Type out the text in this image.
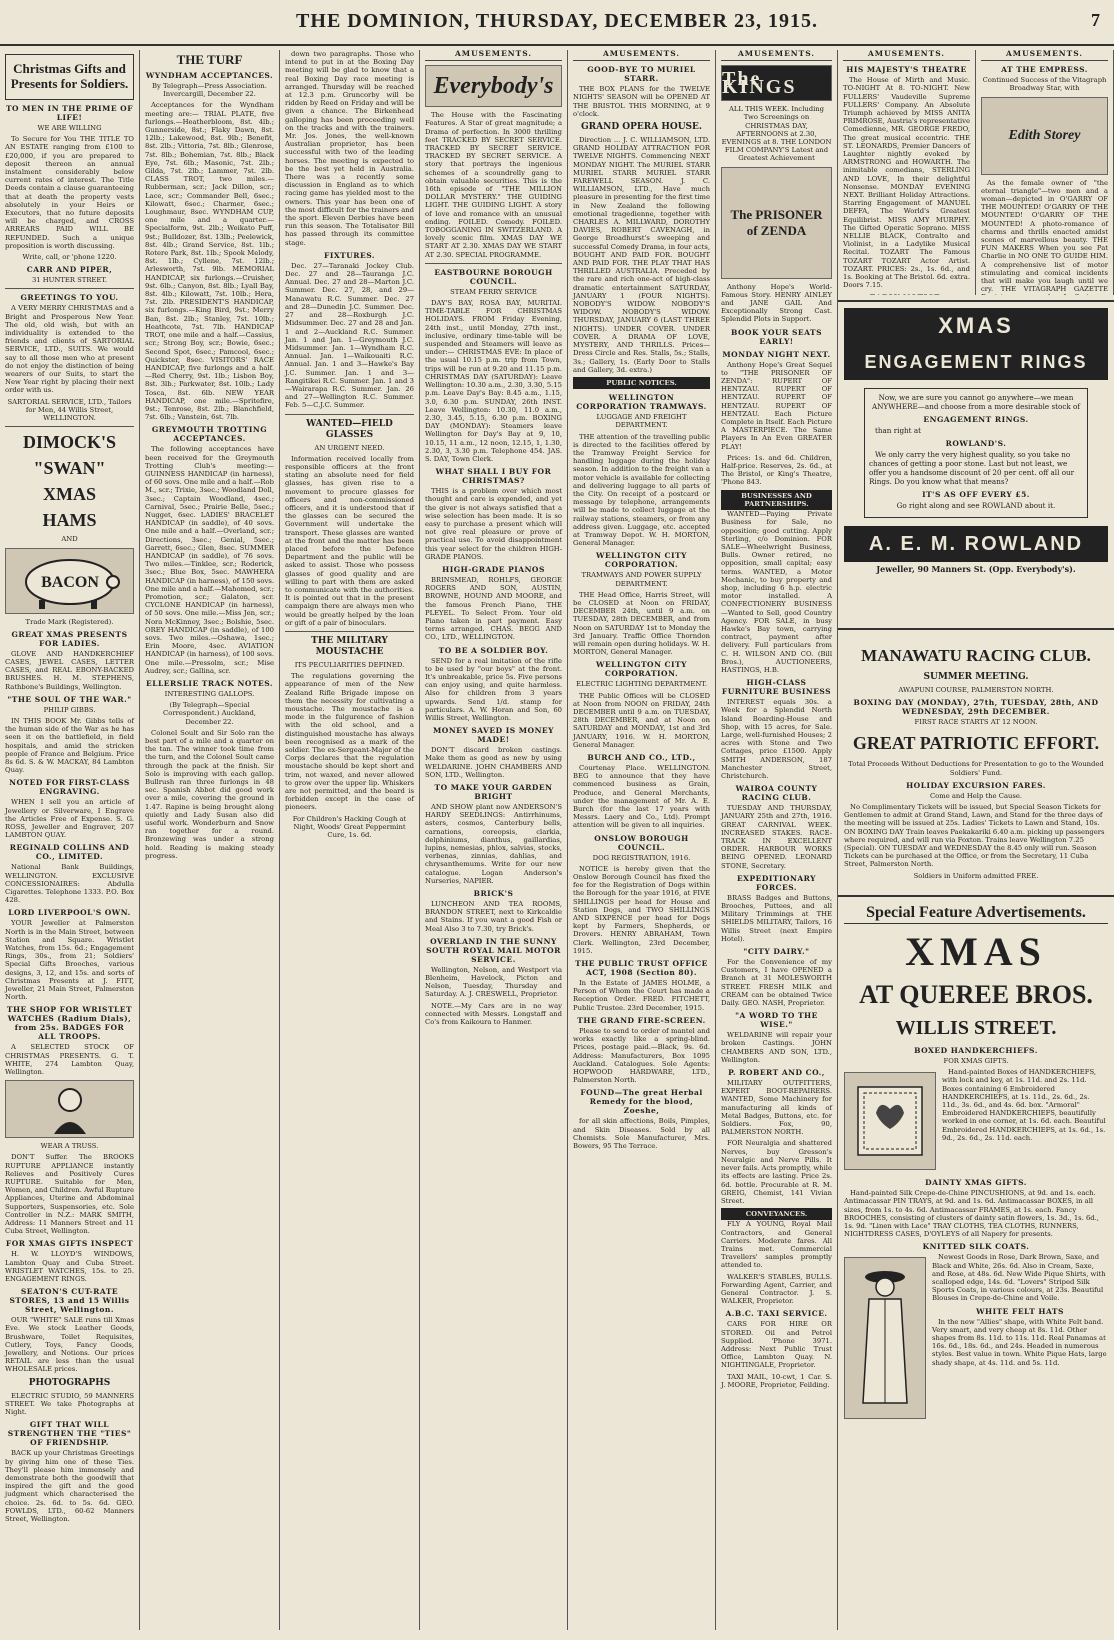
THE DOMINION, THURSDAY, DECEMBER 23, 1915.	7
Christmas Gifts and Presents for Soldiers.
TO MEN IN THE PRIME OF LIFE!

WE ARE WILLING

To Secure for You THE TITLE TO AN ESTATE ranging from £100 to £20,000, if you are prepared to deposit thereon an annual instalment considerably below current rates of interest. The Title Deeds contain a clause guaranteeing that at death the property vests absolutely in your Heirs or Executors, that no future deposits will be charged, and CROSS ARREARS PAID WILL BE REFUNDED. Such a unique proposition is worth discussing.

Write, call, or 'phone 1220.

CARR AND PIPER,

31 HUNTER STREET.

GREETINGS TO YOU.

A VERY MERRY CHRISTMAS and a Bright and Prosperous New Year. The old, old wish, but with an individuality is extended to the friends and clients of SARTORIAL SERVICE, LTD., SUITS. We would say to all those men who at present do not enjoy the distinction of being wearers of our Suits, to start the New Year right by placing their next order with us.

SARTORIAL SERVICE, LTD., Tailors for Men, 44 Willis Street, WELLINGTON.

DIMOCK'S
"SWAN"
XMAS
HAMS

AND

BACON

Trade Mark (Registered).

GREAT XMAS PRESENTS FOR LADIES.

GLOVE AND HANDKERCHIEF CASES, JEWEL CASES, LETTER CASES, and REAL EBONY-BACKED BRUSHES. H. M. STEPHENS, Rathbone's Buildings, Wellington.

"THE SOUL OF THE WAR."

PHILIP GIBBS.

IN THIS BOOK Mr. Gibbs tells of the human side of the War as he has seen it on the battlefield, in field hospitals, and amid the stricken people of France and Belgium. Price 8s 6d. S. & W. MACKAY, 84 Lambton Quay.

NOTED FOR FIRST-CLASS ENGRAVING.

WHEN I sell you an article of Jewellery or Silverware, I Engrave the Articles Free of Expense. S. G. ROSS, Jeweller and Engraver, 207 LAMBTON QUAY.

REGINALD COLLINS AND CO., LIMITED.

National Bank Buildings, WELLINGTON. EXCLUSIVE CONCESSIONAIRES: Abdulla Cigarettes. Telephone 1333. P.O. Box 428.

LORD LIVERPOOL'S OWN.

YOUR Jeweller at Palmerston North is in the Main Street, between Station and Square. Wristlet Watches, from 15s. 6d.; Engagement Rings, 30s., from 21; Soldiers' Special Gifts Brooches, various designs, 3, 12, and 15s. and sorts of Christmas Presents at J. FITT, Jeweller, 21 Main Street, Palmerston North.

THE SHOP FOR WRISTLET WATCHES (Radium Dials), from 25s. BADGES FOR ALL TROOPS.

A SELECTED STOCK OF CHRISTMAS PRESENTS. G. T. WHITE, 274 Lambton Quay, Wellington.

WEAR A TRUSS.

DON'T Suffer. The BROOKS RUPTURE APPLIANCE instantly Relieves and Positively Cures RUPTURE. Suitable for Men, Women, and Children. Awful Rupture Appliances, Uterine and Abdominal Supporters, Suspensories, etc. Sole Controller in N.Z.: MARK SMITH, Address: 11 Manners Street and 11 Cuba Street, Wellington.

FOR XMAS GIFTS INSPECT

H. W. LLOYD'S WINDOWS, Lambton Quay and Cuba Street. WRISTLET WATCHES, 15s. to 25. ENGAGEMENT RINGS.

SEATON'S CUT-RATE STORES, 13 and 15 Willis Street, Wellington.

OUR "WHITE" SALE runs till Xmas Eve. We stock Leather Goods, Brushware, Toilet Requisites, Cutlery, Toys, Fancy Goods, Jewellery, and Notions. Our prices RETAIL are less than the usual WHOLESALE prices.

PHOTOGRAPHS

ELECTRIC STUDIO, 59 MANNERS STREET. We take Photographs at Night.

GIFT THAT WILL STRENGTHEN THE "TIES" OF FRIENDSHIP.

BACK up your Christmas Greetings by giving him one of these Ties. They'll please him immensely and demonstrate both the goodwill that inspired the gift and the good judgment which characterised the choice. 2s. 6d. to 5s. 6d. GEO. FOWLDS, LTD., 60-62 Manners Street, Wellington.

THE TURF
WYNDHAM ACCEPTANCES.

By Telegraph—Press Association. Invercargill, December 22.

Acceptances for the Wyndham meeting are:— TRIAL PLATE, five furlongs.—Heatherbloom, 8st. 4lb.; Gunnerside, 8st.; Flaky Dawn, 8st. 12lb.; Lakewood, 8st. 9lb.; Benefit, 8st. 2lb.; Vittoria, 7st. 8lb.; Glenrose, 7st. 8lb.; Bohemian, 7st. 8lb.; Black Eye, 7st. 6lb.; Masonic, 7st. 2lb.; Gilda, 7st. 2lb.; Lammer, 7st. 2lb. CLASS TROT, two miles.—Rubberman, scr.; Jack Dillon, scr.; Lace, scr.; Commander Bell, 6sec.; Kilowatt, 6sec.; Charmer, 6sec.; Loughmaur, 8sec. WYNDHAM CUP, one mile and a quarter.—Specialform, 9st. 2lb.; Weikato Puff, 9st.; Bulldozer, 8st. 13lb.; Peelewick, 8st. 4lb.; Grand Service, 8st. 1lb.; Rotere Park, 8st. 1lb.; Spook Melody, 8st. 1lb.; Cyllene, 7st. 12lb.; Arlesworth, 7st. 9lb. MEMORIAL HANDICAP, six furlongs.—Cruisher, 9st. 6lb.; Canyon, 8st. 8lb.; Lyall Bay, 8st. 4lb.; Kilowatt, 7st. 10lb.; Hera, 7st. 2lb. PRESIDENT'S HANDICAP, six furlongs.—King Bird, 9st.; Merry Ban, 8st. 2lb.; Stanley, 7st. 10lb.; Heathcote, 7st. 7lb. HANDICAP TROT, one mile and a half.—Cassius, scr.; Strong Boy, scr.; Bowie, 6sec.; Second Spot, 6sec.; Pamcool, 6sec.; Quickster, 8sec. VISITORS' RACE HANDICAP, five furlongs and a half.—Red Cherry, 9st. 1lb.; Lisbon Boy, 8st. 3lb.; Parkwater, 8st. 10lb.; Lady Tosca, 8st. 6lb. NEW YEAR HANDICAP, one mile.—Spritefire, 9st.; Tenrose, 8st. 2lb.; Blanchfield, 7st. 6lb.; Vanstein, 6st. 7lb.

GREYMOUTH TROTTING ACCEPTANCES.

The following acceptances have been received for the Greymouth Trotting Club's meeting:— GUINNESS HANDICAP (in harness), of 60 sovs. One mile and a half.—Rob M., scr.; Trixie, 3sec.; Woodland Doll, 3sec.; Captain Woodland, 4sec.; Carnival, 5sec.; Prairie Belle, 5sec.; Nugget, 6sec. LADIES' BRACELET HANDICAP (in saddle), of 40 sovs. One mile and a half.—Overland, scr.; Directions, 3sec.; Genial, 5sec.; Garrett, 6sec.; Glen, 8sec. SUMMER HANDICAP (in saddle), of 76 sovs. Two miles.—Tinklee, scr.; Roderick, 3sec.; Blue Box, 5sec. MAWHERA HANDICAP (in harness), of 150 sovs. One mile and a half.—Mahomed, scr.; Promotion, scr.; Galaton, scr. CYCLONE HANDICAP (in harness), of 50 sovs. One mile.—Miss Jen, scr.; Nora McKinney, 3sec.; Bolshie, 5sec. OREY HANDICAP (in saddle), of 100 sovs. Two miles.—Oshawa, 1sec.; Erin Moore, 4sec. AVIATION HANDICAP (in harness), of 100 sovs. One mile.—Pressolm, scr.; Mise Audrey, scr.; Gallina, scr.

ELLERSLIE TRACK NOTES.

INTERESTING GALLOPS.

(By Telegraph—Special Correspondent.) Auckland, December 22.

Colonel Soult and Sir Solo ran the best part of a mile and a quarter on the tan. The winner took time from the turn, and the Colonel Soult came through the pack at the finish. Sir Solo is improving with each gallop. Bullrush ran three furlongs in 48 sec. Spanish Abbot did good work over a mile, covering the ground in 1.47. Rapine is being brought along quietly and Lady Susan also did useful work. Wonderburn and Snow ran together for a round. Bronzewing was under a strong hold. Reading is making steady progress.

down two paragraphs. Those who intend to put in at the Boxing Day meeting will be glad to know that a real Boxing Day race meeting is arranged. Thursday will be reached at 12.3 p.m. Gruncorby will be ridden by Reed on Friday and will be given a chance. The Birkenhead galloping has been proceeding well on the tracks and with the trainers. Mr. Jos. Jones, the well-known Australian proprietor, has been successful with two of the leading horses. The meeting is expected to be the best yet held in Australia. There was a recently some discussion in England as to which racing game has yielded most to the owners. This year has been one of the most difficult for the trainers and the sport. Eleven Derbies have been run this season. The Totalisator Bill has passed through its committee stage.

FIXTURES.

Dec. 27—Taranaki Jockey Club. Dec. 27 and 28—Tauranga J.C. Annual. Dec. 27 and 28—Marton J.C. Summer. Dec. 27, 28, and 29—Manawatu R.C. Summer. Dec. 27 and 28—Dunedin J.C. Summer. Dec. 27 and 28—Roxburgh J.C. Midsummer. Dec. 27 and 28 and Jan. 1 and 2—Auckland R.C. Summer. Jan. 1 and Jan. 1—Greymouth J.C. Midsummer. Jan. 1—Wyndham R.C. Annual. Jan. 1—Waikouaiti R.C. Annual. Jan. 1 and 3—Hawke's Bay J.C. Summer. Jan. 1 and 3—Rangitikei R.C. Summer. Jan. 1 and 3—Wairarapa R.C. Summer. Jan. 26 and 27—Wellington R.C. Summer. Feb. 5—C.J.C. Summer.

WANTED—FIELD GLASSES

AN URGENT NEED.

Information received locally from responsible officers at the front stating an absolute need for field glasses, has given rise to a movement to procure glasses for officers and non-commissioned officers, and it is understood that if the glasses can be secured the Government will undertake the transport. These glasses are wanted at the front and the matter has been placed before the Defence Department and the public will be asked to assist. Those who possess glasses of good quality and are willing to part with them are asked to communicate with the authorities. It is pointed out that in the present campaign there are always men who would be greatly helped by the loan or gift of a pair of binoculars.

THE MILITARY MOUSTACHE

ITS PECULIARITIES DEFINED.

The regulations governing the appearance of men of the New Zealand Rifle Brigade impose on them the necessity for cultivating a moustache. The moustache is a mode in the fulgurence of fashion with the old school, and a distinguished moustache has always been recognised as a mark of the soldier. The ex-Sergeant-Major of the Corps declares that the regulation moustache should be kept short and trim, not waxed, and never allowed to grow over the upper lip. Whiskers are not permitted, and the beard is forbidden except in the case of pioneers.

For Children's Hacking Cough at Night, Woods' Great Peppermint Cure, 1s. 6d.

AMUSEMENTS.
Everybody's

The House with the Fascinating Features. A Star of great magnitude; a Drama of perfection. In 3000 thrilling feet TRACKED BY SECRET SERVICE. TRACKED BY SECRET SERVICE. TRACKED BY SECRET SERVICE. A story that portrays the ingenious schemes of a scoundrelly gang to obtain valuable securities. This is the 16th episode of "THE MILLION DOLLAR MYSTERY." THE GUIDING LIGHT. THE GUIDING LIGHT. A story of love and romance with an unusual ending. FOILED. Comedy. FOILED. TOBOGGANING IN SWITZERLAND. A lovely scenic film. XMAS DAY WE START AT 2.30. XMAS DAY WE START AT 2.30. SPECIAL PROGRAMME.

EASTBOURNE BOROUGH COUNCIL.

STEAM FERRY SERVICE

DAY'S BAY, ROSA BAY, MURITAI. TIME-TABLE FOR CHRISTMAS HOLIDAYS. FROM Friday Evening, 24th inst., until Monday, 27th inst., inclusive, ordinary time-table will be suspended and Steamers will leave as under:— CHRISTMAS EVE: In place of the usual 10.15 p.m. trip from Town, trips will be run at 9.20 and 11.15 p.m. CHRISTMAS DAY (SATURDAY): Leave Wellington: 10.30 a.m., 2.30, 3.30, 5.15 p.m. Leave Day's Bay: 8.45 a.m., 1.15, 3.0, 6.30 p.m. SUNDAY, 26th INST. Leave Wellington: 10.30, 11.0 a.m., 2.30, 3.45, 5.15, 6.30 p.m. BOXING DAY (MONDAY): Steamers leave Wellington for Day's Bay at 9, 10, 10.15, 11 a.m., 12 noon, 12.15, 1, 1.30, 2.30, 3, 3.30 p.m. Telephone 454. JAS. S. DAY, Town Clerk.

WHAT SHALL I BUY FOR CHRISTMAS?

THIS is a problem over which most thought and care is expended, and yet the giver is not always satisfied that a wise selection has been made. It is so easy to purchase a present which will not give real pleasure or prove of practical use. To avoid disappointment this year select for the children HIGH-GRADE PIANOS.

HIGH-GRADE PIANOS

BRINSMEAD, ROHLFS, GEORGE ROGERS AND SON, AUSTIN, BROWNE, HOUND AND MOORE, and the famous French Piano, THE PLEYEL. To Select From. Your old Piano taken in part payment. Easy terms arranged. CHAS. BEGG AND CO., LTD., WELLINGTON.

TO BE A SOLDIER BOY.

SEND for a real imitation of the rifle to be used by "our boys" at the front. It's unbreakable, price 5s. Five persons can enjoy using, and quite harmless. Also for children from 3 years upwards. Send 1/d. stamp for particulars. A. W. Horan and Son, 60 Willis Street, Wellington.

MONEY SAVED IS MONEY MADE!

DON'T discard broken castings. Make them as good as new by using WELDARINE. JOHN CHAMBERS AND SON, LTD., Wellington.

TO MAKE YOUR GARDEN BRIGHT

AND SHOW plant now ANDERSON'S HARDY SEEDLINGS: Antirrhinums, asters, cosmos, Canterbury bells, carnations, coreopsis, clarkia, delphiniums, dianthus, gaillardias, lupins, nemesias, phlox, salvias, stocks, verbenas, zinnias, dahlias, and chrysanthemums. Write for our new catalogue. Logan Anderson's Nurseries, NAPIER.

BRICK'S

LUNCHEON AND TEA ROOMS, BRANDON STREET, next to Kirkcaldie and Stains. If you want a good Fish or Meal Also 3 to 7.30, try Brick's.

OVERLAND IN THE SUNNY SOUTH ROYAL MAIL MOTOR SERVICE.

Wellington, Nelson, and Westport via Blenheim, Havelock, Picton and Nelson, Tuesday, Thursday and Saturday. A. J. CRESWELL, Proprietor.

NOTE.—My Cars are in no way connected with Messrs. Longstaff and Co's from Kaikoura to Hanmer.

AMUSEMENTS.
GOOD-BYE TO MURIEL STARR.

THE BOX PLANS for the TWELVE NIGHTS' SEASON will be OPENED AT THE BRISTOL THIS MORNING, at 9 o'clock.

GRAND OPERA HOUSE.

Direction ... J. C. WILLIAMSON, LTD. GRAND HOLIDAY ATTRACTION FOR TWELVE NIGHTS. Commencing NEXT MONDAY NIGHT. The MURIEL STARR MURIEL STARR MURIEL STARR FAREWELL SEASON. J. C. WILLIAMSON, LTD., Have much pleasure in presenting for the first time in New Zealand the following emotional tragedienne, together with CHARLES A. MILLWARD, DOROTHY DAVIES, ROBERT CAVENAGH, in George Broadhurst's sweeping and successful Comedy Drama, in four acts, BOUGHT AND PAID FOR. BOUGHT AND PAID FOR. THE PLAY THAT HAS THRILLED AUSTRALIA. Preceded by the rare and rich one-act of high-class dramatic entertainment SATURDAY, JANUARY 1 (FOUR NIGHTS). NOBODY'S WIDOW. NOBODY'S WIDOW. NOBODY'S WIDOW. THURSDAY, JANUARY 6 (LAST THREE NIGHTS). UNDER COVER. UNDER COVER. A DRAMA OF LOVE, MYSTERY, AND THRILLS. Prices—Dress Circle and Res. Stalls, 5s.; Stalls, 3s.; Gallery, 1s. (Early Door to Stalls and Gallery, 3d. extra.)

PUBLIC NOTICES.
WELLINGTON CORPORATION TRAMWAYS.

LUGGAGE AND FREIGHT DEPARTMENT.

THE attention of the travelling public is directed to the facilities offered by the Tramway Freight Service for handling luggage during the holiday season. In addition to the freight van a motor vehicle is available for collecting and delivering luggage to all parts of the City. On receipt of a postcard or message by telephone, arrangements will be made to collect luggage at the railway stations, steamers, or from any address given. Luggage, etc. accepted at Tramway Depot. W. H. MORTON, General Manager.

WELLINGTON CITY CORPORATION.

TRAMWAYS AND POWER SUPPLY DEPARTMENT.

THE Head Office, Harris Street, will be CLOSED at Noon on FRIDAY, DECEMBER 24th, until 9 a.m. on TUESDAY, 28th DECEMBER, and from Noon on SATURDAY 1st to Monday the 3rd January. Traffic Office Thorndon will remain open during holidays. W. H. MORTON, General Manager.

WELLINGTON CITY CORPORATION.

ELECTRIC LIGHTING DEPARTMENT.

THE Public Offices will be CLOSED at Noon from NOON on FRIDAY, 24th DECEMBER until 9 a.m. on TUESDAY, 28th DECEMBER, and at Noon on SATURDAY and MONDAY, 1st and 3rd JANUARY, 1916. W. H. MORTON, General Manager.

BURCH AND CO., LTD.,

Courtenay Place. WELLINGTON. BEG to announce that they have commenced business as Grain, Produce, and General Merchants, under the management of Mr. A. E. Burch (for the last 17 years with Messrs. Laery and Co., Ltd). Prompt attention will be given to all inquiries.

ONSLOW BOROUGH COUNCIL.

DOG REGISTRATION, 1916.

NOTICE is hereby given that the Onslow Borough Council has fixed the fee for the Registration of Dogs within the Borough for the year 1916, at FIVE SHILLINGS per head for House and Station Dogs, and TWO SHILLINGS AND SIXPENCE per head for Dogs kept by Farmers, Shepherds, or Drovers. HENRY ABRAHAM, Town Clerk. Wellington, 23rd December, 1915.

THE PUBLIC TRUST OFFICE ACT, 1908 (Section 80).

In the Estate of JAMES HOLME, a Person of Whom the Court has made a Reception Order. FRED. FITCHETT, Public Trustee. 23rd December, 1915.

THE GRAND FIRE-SCREEN.

Please to send to order of mantel and works exactly like a spring-blind. Prices, postage paid.—Black, 9s. 6d. Address: Manufacturers, Box 1095 Auckland. Catalogues. Sole Agents: HOPWOOD HARDWARE, LTD., Palmerston North.

FOUND—The great Herbal Remedy for the blood, Zoeshe,

for all skin affections, Boils, Pimples, and Skin Diseases. Sold by all Chemists. Sole Manufacturer, Mrs. Bowers, 95 The Terrace.

AMUSEMENTS.
The KINGS

ALL THIS WEEK. Including Two Screenings on CHRISTMAS DAY, AFTERNOONS at 2.30, EVENINGS at 8. THE LONDON FILM COMPANY'S Latest and Greatest Achievement

The PRISONER of ZENDA

Anthony Hope's World-Famous Story. HENRY AINLEY and JANE GAIL And Exceptionally Strong Cast. Splendid Plots in Support.

BOOK YOUR SEATS EARLY!
MONDAY NIGHT NEXT.

Anthony Hope's Great Sequel to "THE PRISONER OF ZENDA": RUPERT OF HENTZAU. RUPERT OF HENTZAU. RUPERT OF HENTZAU. RUPERT OF HENTZAU. Each Picture Complete in Itself. Each Picture A MASTERPIECE. The Same Players In An Even GREATER PLAY!

Prices: 1s. and 6d. Children, Half-price. Reserves, 2s. 6d., at The Bristol, or King's Theatre, 'Phone 843.

BUSINESSES AND PARTNERSHIPS.

WANTED—Paying Private Business for Sale, no opposition; good cutting. Apply Sterling, c/o Dominion. FOR SALE—Wheelwright Business, Bulls. Owner retired, no opposition, small capital; easy terms. WANTED, a Motor Mechanic, to buy property and shop, including 6 h.p. electric motor installed. A CONFECTIONERY BUSINESS—Wanted to Sell, good Country Agency. FOR SALE, in busy Hawke's Bay town, carrying contract, payment after delivery. Full particulars from C. H. WILSON AND CO. (Bill Bros.), AUCTIONEERS, HASTINGS, H.B.

HIGH-CLASS FURNITURE BUSINESS

INTEREST equals 30s. a Week for a Splendid North Island Boarding-House and Shop, with 15 acres, for Sale. Large, well-furnished Houses; 2 acres with Stone and Two Cottages, price £1500. Apply SMITH ANDERSON, 187 Manchester Street, Christchurch.

WAIROA COUNTY RACING CLUB.

TUESDAY AND THURSDAY, JANUARY 25th and 27th, 1916. GREAT CARNIVAL WEEK. INCREASED STAKES. RACE-TRACK IN EXCELLENT ORDER. HARBOUR WORKS BEING OPENED. LEONARD STONE, Secretary.

EXPEDITIONARY FORCES.

BRASS Badges and Buttons, Brooches, Puttees, and all Military Trimmings at THE SHIELDS MILITARY, Tailors, 16 Willis Street (next Empire Hotel).

"CITY DAIRY."

For the Convenience of my Customers, I have OPENED a Branch at 31 MOLESWORTH STREET. FRESH MILK and CREAM can be obtained Twice Daily. GEO. NASH, Proprietor.

"A WORD TO THE WISE."

WELDARINE will repair your broken Castings. JOHN CHAMBERS AND SON, LTD., Wellington.

P. ROBERT AND CO.,

MILITARY OUTFITTERS, EXPERT BOOT-REPAIRERS. WANTED, Some Machinery for manufacturing all kinds of Metal Badges, Buttons, etc. for Soldiers. Fox, 90, PALMERSTON NORTH.

FOR Neuralgia and shattered Nerves, buy Gresson's Neuralgic and Nerve Pills. It never fails. Acts promptly, while its effects are lasting. Price 2s. 6d. bottle. Procurable at R. M. GREIG, Chemist, 141 Vivian Street.

CONVEYANCES.

FLY A YOUNG, Royal Mail Contractors, and General Carriers. Moderate fares. All Trains met. Commercial Travellers' samples promptly attended to.

WALKER'S STABLES, BULLS. Forwarding Agent, Carrier, and General Contractor. J. S. WALKER, Proprietor.

A.B.C. TAXI SERVICE.

CARS FOR HIRE OR STORED. Oil and Petrol Supplied. 'Phone 3971. Address: Next Public Trust Office, Lambton Quay. N. NIGHTINGALE, Proprietor.

TAXI MAIL, 10-cwt, 1 Car. S. J. MOORE, Proprietor, Feilding.

AMUSEMENTS.
HIS MAJESTY'S THEATRE

The House of Mirth and Music. TO-NIGHT At 8. TO-NIGHT. New FULLERS' Vaudeville Supreme FULLERS' Company. An Absolute Triumph achieved by MISS ANITA PRIMROSE, Austria's representative Comedienne, MR. GEORGE FREDO, The great musical eccentric. THE ST. LEONARDS, Premier Dancers of Laughter nightly evoked by ARMSTRONG and HOWARTH. The inimitable comedians, STERLING AND LOVE, In their delightful Nonsense. MONDAY EVENING NEXT. Brilliant Holiday Attractions. Starring Engagement of MANUEL DEFFA, The World's Greatest Equilibrist. MISS AMY MURPHY. The Gifted Operatic Soprano. MISS NELLIE BLACK, Contralto and Violinist, in a Ladylike Musical Recital. TOZART The Famous TOZART TOZART Actor Artist. TOZART. PRICES: 2s., 1s. 6d., and 1s. Booking at The Bristol. 6d. extra. Doors 7.15.

AMUSEMENTS.
AT THE EMPRESS.

Continued Success of the Vitagraph Broadway Star, with

Edith Storey

As the female owner of "the eternal triangle"—two men and a woman—depicted in O'GARRY OF THE MOUNTED! O'GARRY OF THE MOUNTED! O'GARRY OF THE MOUNTED! A photo-romance of charms and thrills enacted amidst scenes of marvellous beauty. THE FUN MAKERS When you see Pat Charlie in NO ONE TO GUIDE HIM. A comprehensive list of motor stimulating and comical incidents that will make you laugh until we cry. THE VITAGRAPH GAZETTE

XMAS
ENGAGEMENT RINGS

Now, we are sure you cannot go anywhere—we mean ANYWHERE—and choose from a more desirable stock of

ENGAGEMENT RINGS.

than right at

ROWLAND'S.

We only carry the very highest quality, so you take no chances of getting a poor stone. Last but not least, we offer you a handsome discount of 20 per cent. off all our Rings. Do you know what that means?

IT'S AS OFF EVERY £5.

Go right along and see ROWLAND about it.

A. E. M. ROWLAND

Jeweller, 90 Manners St. (Opp. Everybody's).

MANAWATU RACING CLUB.
SUMMER MEETING.

AWAPUNI COURSE, PALMERSTON NORTH.

BOXING DAY (MONDAY), 27th, TUESDAY, 28th, AND WEDNESDAY, 29th DECEMBER.

FIRST RACE STARTS AT 12 NOON.

GREAT PATRIOTIC EFFORT.

Total Proceeds Without Deductions for Presentation to go to the Wounded Soldiers' Fund.

HOLIDAY EXCURSION FARES.

Come and Help the Cause.

No Complimentary Tickets will be issued, but Special Season Tickets for Gentlemen to admit at Grand Stand, Lawn, and Stand for the three days of the meeting will be issued at 25s. Ladies' Tickets to Lawn and Stand, 10s. ON BOXING DAY Train leaves Paekakariki 6.40 a.m. picking up passengers where required, and will run via Foxton. Trains leave Wellington 7.25 (Special). ON TUESDAY and WEDNESDAY the 8.45 only will run. Season Tickets can be purchased at the Office, or from the Secretary, 11 Cuba Street, Palmerston North.

Soldiers in Uniform admitted FREE.

Special Feature Advertisements.
XMAS
AT QUEREE BROS.
WILLIS STREET.
BOXED HANDKERCHIEFS.

FOR XMAS GIFTS.

Hand-painted Boxes of HANDKERCHIEFS, with lock and key, at 1s. 11d. and 2s. 11d. Boxes containing 6 Embroidered HANDKERCHIEFS, at 1s. 11d., 2s. 6d., 2s. 11d., 3s. 6d., and 4s. 6d. box. "Armoral" Embroidered HANDKERCHIEFS, beautifully worked in one corner, at 1s. 6d. each. Beautiful Embroidered HANDKERCHIEFS, at 1s. 6d., 1s. 9d., 2s. 6d., 2s. 11d. each.

DAINTY XMAS GIFTS.

Hand-painted Silk Crepe-de-Chine PINCUSHIONS, at 9d. and 1s. each. Antimacassar PIN TRAYS, at 9d. and 1s. 6d. Antimacassar BOXES, in all sizes, from 1s. to 4s. 6d. Antimacassar FRAMES, at 1s. each. Fancy BROOCHES, consisting of clusters of dainty satin flowers, 1s. 3d., 1s. 6d., 1s. 9d. "Linen with Lace" TRAY CLOTHS, TEA CLOTHS, RUNNERS, NIGHTDRESS CASES, D'OYLEYS of all Napery for presents.

KNITTED SILK COATS.

Newest Goods in Rose, Dark Brown, Saxe, and Black and White, 26s. 6d. Also in Cream, Saxe, and Rose, at 48s. 6d. New Wide Pique Shirts, with scalloped edge, 14s. 6d. "Lovers" Striped Silk Sports Coats, in various colours, at 23s. Beautiful Blouses in Crepe-de-Chine and Voile.

WHITE FELT HATS

In the new "Allies" shape, with White Felt band. Very smart, and very cheap at 8s. 11d. Other shapes from 8s. 11d. to 11s. 11d. Real Panamas at 16s. 6d., 18s. 6d., and 24s. Headed in numerous styles. Best value in town. White Pique Hats, large shady shape, at 4s. 11d. and 5s. 11d.
